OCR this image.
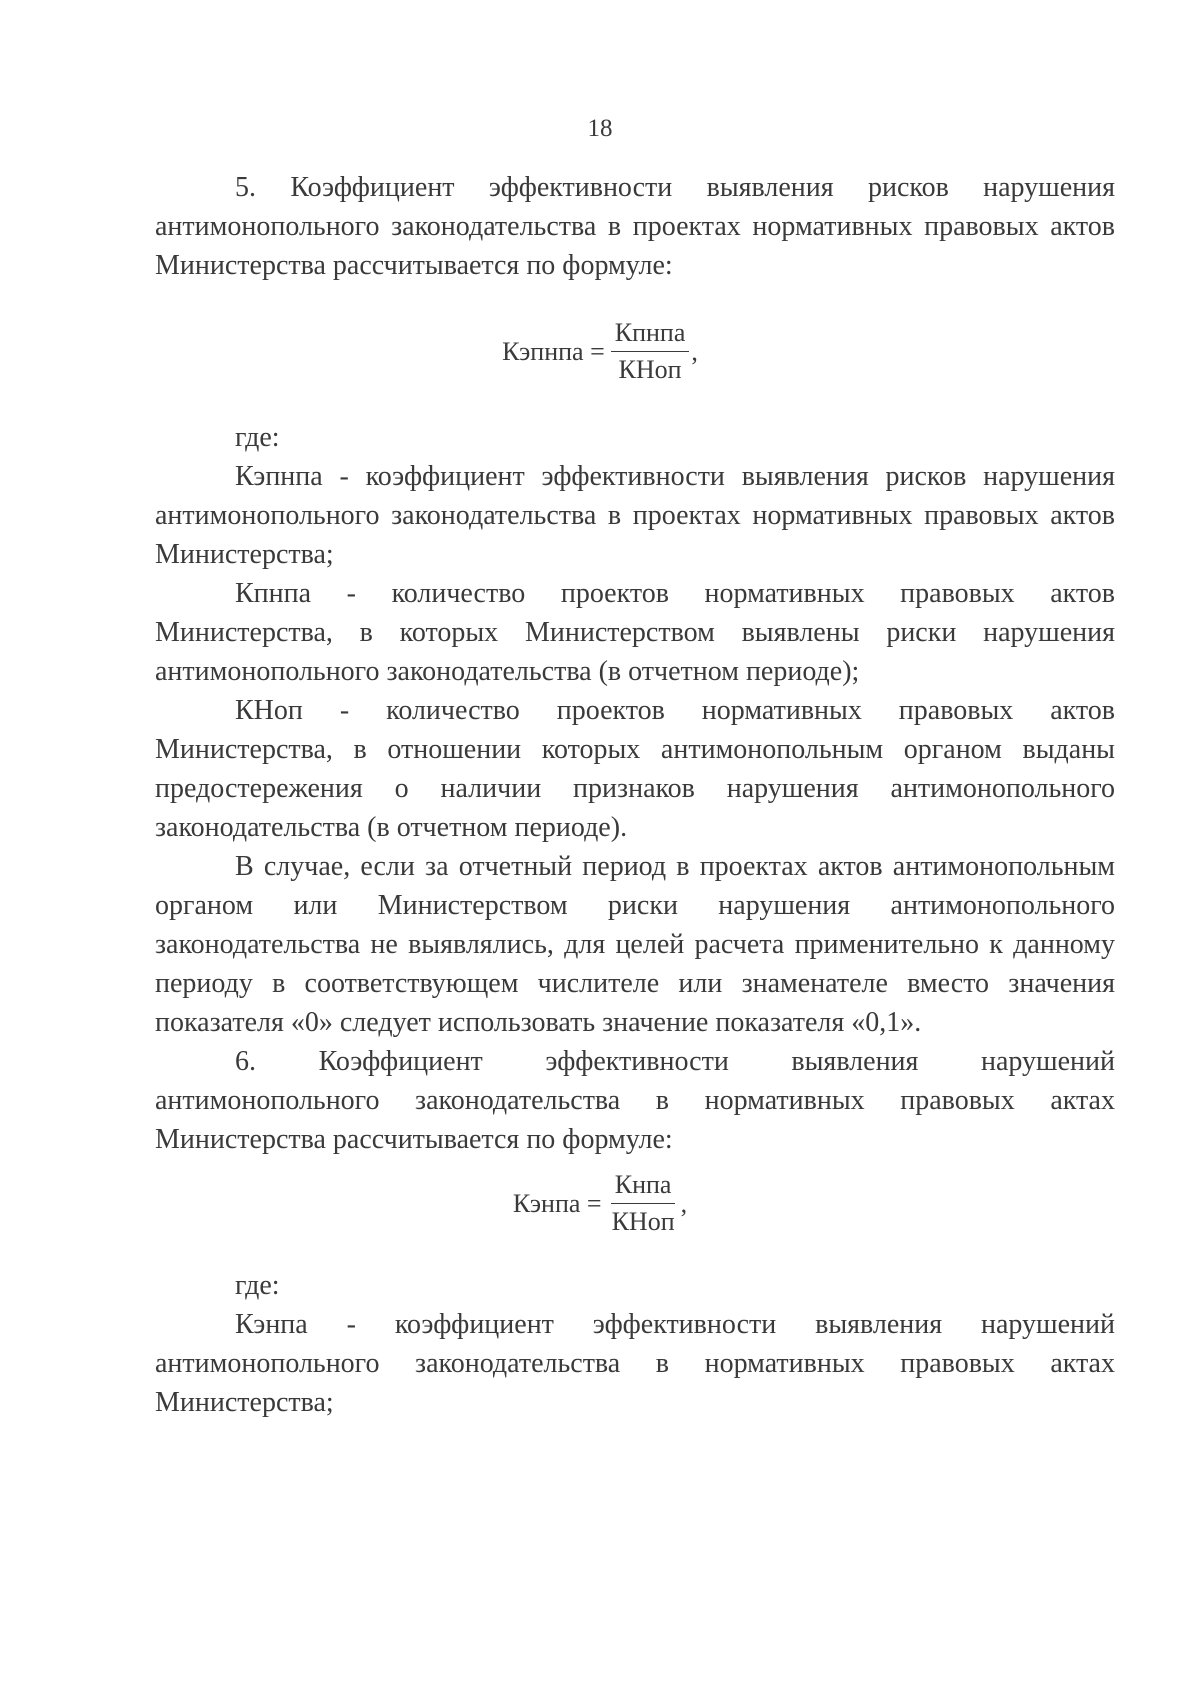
18

5. Коэффициент эффективности выявления рисков нарушения антимонопольного законодательства в проектах нормативных правовых актов Министерства рассчитывается по формуле:

Кэпнпа = $\frac{\text{Кпнпа}}{\text{КНоп}}$ ,

где:

Кэпнпа - коэффициент эффективности выявления рисков нарушения антимонопольного законодательства в проектах нормативных правовых актов Министерства;

Кпнпа - количество проектов нормативных правовых актов Министерства, в которых Министерством выявлены риски нарушения антимонопольного законодательства (в отчетном периоде);

КНоп - количество проектов нормативных правовых актов Министерства, в отношении которых антимонопольным органом выданы предостережения о наличии признаков нарушения антимонопольного законодательства (в отчетном периоде).

В случае, если за отчетный период в проектах актов антимонопольным органом или Министерством риски нарушения антимонопольного законодательства не выявлялись, для целей расчета применительно к данному периоду в соответствующем числителе или знаменателе вместо значения показателя «0» следует использовать значение показателя «0,1».

6. Коэффициент эффективности выявления нарушений антимонопольного законодательства в нормативных правовых актах Министерства рассчитывается по формуле:

Кэнпа = $\frac{\text{Кнпа}}{\text{КНоп}}$ ,

где:

Кэнпа - коэффициент эффективности выявления нарушений антимонопольного законодательства в нормативных правовых актах Министерства;
